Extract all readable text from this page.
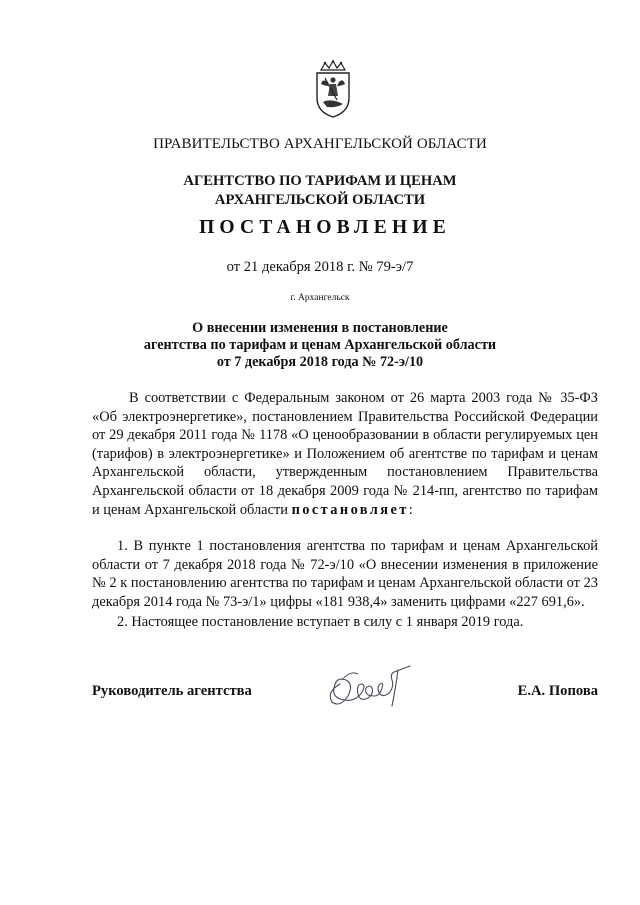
ПРАВИТЕЛЬСТВО АРХАНГЕЛЬСКОЙ ОБЛАСТИ
АГЕНТСТВО ПО ТАРИФАМ И ЦЕНАМ
АРХАНГЕЛЬСКОЙ ОБЛАСТИ
ПОСТАНОВЛЕНИЕ
от 21 декабря 2018 г. № 79-э/7
г. Архангельск
О внесении изменения в постановление
агентства по тарифам и ценам Архангельской области
от 7 декабря 2018 года № 72-э/10
В соответствии с Федеральным законом от 26 марта 2003 года № 35-ФЗ «Об электроэнергетике», постановлением Правительства Российской Федерации от 29 декабря 2011 года № 1178 «О ценообразовании в области регулируемых цен (тарифов) в электроэнергетике» и Положением об агентстве по тарифам и ценам Архангельской области, утвержденным постановлением Правительства Архангельской области от 18 декабря 2009 года № 214-пп, агентство по тарифам и ценам Архангельской области постановляет:
1. В пункте 1 постановления агентства по тарифам и ценам Архангельской области от 7 декабря 2018 года № 72-э/10 «О внесении изменения в приложение № 2 к постановлению агентства по тарифам и ценам Архангельской области от 23 декабря 2014 года № 73-э/1» цифры «181 938,4» заменить цифрами «227 691,6».
2. Настоящее постановление вступает в силу с 1 января 2019 года.
Руководитель агентства	Е.А. Попова
